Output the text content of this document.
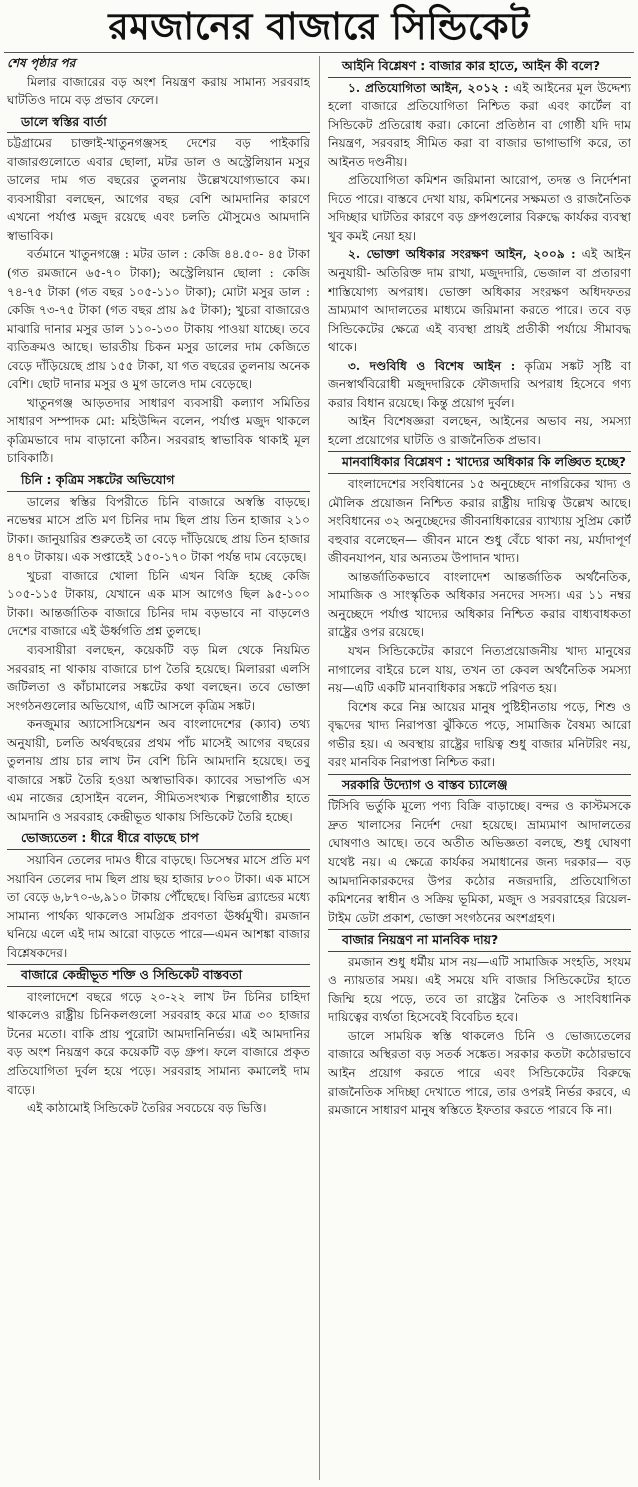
রমজানের বাজারে সিন্ডিকেট

শেষ পৃষ্ঠার পর

মিলার বাজারের বড় অংশ নিয়ন্ত্রণ করায় সামান্য সরবরাহ ঘাটতিও দামে বড় প্রভাব ফেলে।

ডালে স্বস্তির বার্তা

চট্টগ্রামের চাক্তাই-খাতুনগঞ্জসহ দেশের বড় পাইকারি বাজারগুলোতে এবার ছোলা, মটর ডাল ও অস্ট্রেলিয়ান মসুর ডালের দাম গত বছরের তুলনায় উল্লেখযোগ্যভাবে কম। ব্যবসায়ীরা বলছেন, আগের বছর বেশি আমদানির কারণে এখনো পর্যাপ্ত মজুদ রয়েছে এবং চলতি মৌসুমেও আমদানি স্বাভাবিক।

বর্তমানে খাতুনগঞ্জে : মটর ডাল : কেজি ৪৪.৫০- ৪৫ টাকা (গত রমজানে ৬৫-৭০ টাকা); অস্ট্রেলিয়ান ছোলা : কেজি ৭৪-৭৫ টাকা (গত বছর ১০৫-১১০ টাকা); মোটা মসুর ডাল : কেজি ৭৩-৭৫ টাকা (গত বছর প্রায় ৯৫ টাকা); খুচরা বাজারেও মাঝারি দানার মসুর ডাল ১১০-১৩০ টাকায় পাওয়া যাচ্ছে। তবে ব্যতিক্রমও আছে। ভারতীয় চিকন মসুর ডালের দাম কেজিতে বেড়ে দাঁড়িয়েছে প্রায় ১৫৫ টাকা, যা গত বছরের তুলনায় অনেক বেশি। ছোট দানার মসুর ও মুগ ডালেও দাম বেড়েছে।

খাতুনগঞ্জ আড়তদার সাধারণ ব্যবসায়ী কল্যাণ সমিতির সাধারণ সম্পাদক মো: মহিউদ্দিন বলেন, পর্যাপ্ত মজুদ থাকলে কৃত্রিমভাবে দাম বাড়ানো কঠিন। সরবরাহ স্বাভাবিক থাকাই মূল চাবিকাঠি।

চিনি : কৃত্রিম সঙ্কটের অভিযোগ

ডালের স্বস্তির বিপরীতে চিনি বাজারে অস্বস্তি বাড়ছে। নভেম্বর মাসে প্রতি মণ চিনির দাম ছিল প্রায় তিন হাজার ২১০ টাকা। জানুয়ারির শুরুতেই তা বেড়ে দাঁড়িয়েছে প্রায় তিন হাজার ৪৭০ টাকায়। এক সপ্তাহেই ১৫০-১৭০ টাকা পর্যন্ত দাম বেড়েছে।

খুচরা বাজারে খোলা চিনি এখন বিক্রি হচ্ছে কেজি ১০৫-১১৫ টাকায়, যেখানে এক মাস আগেও ছিল ৯৫-১০০ টাকা। আন্তর্জাতিক বাজারে চিনির দাম বড়ভাবে না বাড়লেও দেশের বাজারে এই ঊর্ধ্বগতি প্রশ্ন তুলছে।

ব্যবসায়ীরা বলছেন, কয়েকটি বড় মিল থেকে নিয়মিত সরবরাহ না থাকায় বাজারে চাপ তৈরি হয়েছে। মিলাররা এলসি জটিলতা ও কাঁচামালের সঙ্কটের কথা বলছেন। তবে ভোক্তা সংগঠনগুলোর অভিযোগ, এটি আসলে কৃত্রিম সঙ্কট।

কনজুমার অ্যাসোসিয়েশন অব বাংলাদেশের (ক্যাব) তথ্য অনুযায়ী, চলতি অর্থবছরের প্রথম পাঁচ মাসেই আগের বছরের তুলনায় প্রায় চার লাখ টন বেশি চিনি আমদানি হয়েছে। তবু বাজারে সঙ্কট তৈরি হওয়া অস্বাভাবিক। ক্যাবের সভাপতি এস এম নাজের হোসাইন বলেন, সীমিতসংখ্যক শিল্পগোষ্ঠীর হাতে আমদানি ও সরবরাহ কেন্দ্রীভূত থাকায় সিন্ডিকেট তৈরি হচ্ছে।

ভোজ্যতেল : ধীরে ধীরে বাড়ছে চাপ

সয়াবিন তেলের দামও ধীরে বাড়ছে। ডিসেম্বর মাসে প্রতি মণ সয়াবিন তেলের দাম ছিল প্রায় ছয় হাজার ৮০০ টাকা। এক মাসে তা বেড়ে ৬,৮৭০-৬,৯১০ টাকায় পৌঁছেছে। বিভিন্ন ব্র্যান্ডের মধ্যে সামান্য পার্থক্য থাকলেও সামগ্রিক প্রবণতা ঊর্ধ্বমুখী। রমজান ঘনিয়ে এলে এই দাম আরো বাড়তে পারে—এমন আশঙ্কা বাজার বিশ্লেষকদের।

বাজারে কেন্দ্রীভূত শক্তি ও সিন্ডিকেট বাস্তবতা

বাংলাদেশে বছরে গড়ে ২০-২২ লাখ টন চিনির চাহিদা থাকলেও রাষ্ট্রীয় চিনিকলগুলো সরবরাহ করে মাত্র ৩০ হাজার টনের মতো। বাকি প্রায় পুরোটা আমদানিনির্ভর। এই আমদানির বড় অংশ নিয়ন্ত্রণ করে কয়েকটি বড় গ্রুপ। ফলে বাজারে প্রকৃত প্রতিযোগিতা দুর্বল হয়ে পড়ে। সরবরাহ সামান্য কমালেই দাম বাড়ে।

এই কাঠামোই সিন্ডিকেট তৈরির সবচেয়ে বড় ভিত্তি।

আইনি বিশ্লেষণ : বাজার কার হাতে, আইন কী বলে?

১. প্রতিযোগিতা আইন, ২০১২ : এই আইনের মূল উদ্দেশ্য হলো বাজারে প্রতিযোগিতা নিশ্চিত করা এবং কার্টেল বা সিন্ডিকেট প্রতিরোধ করা। কোনো প্রতিষ্ঠান বা গোষ্ঠী যদি দাম নিয়ন্ত্রণ, সরবরাহ সীমিত করা বা বাজার ভাগাভাগি করে, তা আইনত দণ্ডনীয়।

প্রতিযোগিতা কমিশন জরিমানা আরোপ, তদন্ত ও নির্দেশনা দিতে পারে। বাস্তবে দেখা যায়, কমিশনের সক্ষমতা ও রাজনৈতিক সদিচ্ছার ঘাটতির কারণে বড় গ্রুপগুলোর বিরুদ্ধে কার্যকর ব্যবস্থা খুব কমই নেয়া হয়।

২. ভোক্তা অধিকার সংরক্ষণ আইন, ২০০৯ : এই আইন অনুযায়ী- অতিরিক্ত দাম রাখা, মজুদদারি, ভেজাল বা প্রতারণা শাস্তিযোগ্য অপরাধ। ভোক্তা অধিকার সংরক্ষণ অধিদফতর ভ্রাম্যমাণ আদালতের মাধ্যমে জরিমানা করতে পারে। তবে বড় সিন্ডিকেটের ক্ষেত্রে এই ব্যবস্থা প্রায়ই প্রতীকী পর্যায়ে সীমাবদ্ধ থাকে।

৩. দণ্ডবিধি ও বিশেষ আইন : কৃত্রিম সঙ্কট সৃষ্টি বা জনস্বার্থবিরোধী মজুদদারিকে ফৌজদারি অপরাধ হিসেবে গণ্য করার বিধান রয়েছে। কিন্তু প্রয়োগ দুর্বল।

আইন বিশেষজ্ঞরা বলছেন, আইনের অভাব নয়, সমস্যা হলো প্রয়োগের ঘাটতি ও রাজনৈতিক প্রভাব।

মানবাধিকার বিশ্লেষণ : খাদ্যের অধিকার কি লঙ্ঘিত হচ্ছে?

বাংলাদেশের সংবিধানের ১৫ অনুচ্ছেদে নাগরিকের খাদ্য ও মৌলিক প্রয়োজন নিশ্চিত করার রাষ্ট্রীয় দায়িত্ব উল্লেখ আছে। সংবিধানের ৩২ অনুচ্ছেদের জীবনাধিকারের ব্যাখ্যায় সুপ্রিম কোর্ট বহুবার বলেছেন— জীবন মানে শুধু বেঁচে থাকা নয়, মর্যাদাপূর্ণ জীবনযাপন, যার অন্যতম উপাদান খাদ্য।

আন্তর্জাতিকভাবে বাংলাদেশ আন্তর্জাতিক অর্থনৈতিক, সামাজিক ও সাংস্কৃতিক অধিকার সনদের সদস্য। এর ১১ নম্বর অনুচ্ছেদে পর্যাপ্ত খাদ্যের অধিকার নিশ্চিত করার বাধ্যবাধকতা রাষ্ট্রের ওপর রয়েছে।

যখন সিন্ডিকেটের কারণে নিত্যপ্রয়োজনীয় খাদ্য মানুষের নাগালের বাইরে চলে যায়, তখন তা কেবল অর্থনৈতিক সমস্যা নয়—এটি একটি মানবাধিকার সঙ্কটে পরিণত হয়।

বিশেষ করে নিম্ন আয়ের মানুষ পুষ্টিহীনতায় পড়ে, শিশু ও বৃদ্ধদের খাদ্য নিরাপত্তা ঝুঁকিতে পড়ে, সামাজিক বৈষম্য আরো গভীর হয়। এ অবস্থায় রাষ্ট্রের দায়িত্ব শুধু বাজার মনিটরিং নয়, বরং মানবিক নিরাপত্তা নিশ্চিত করা।

সরকারি উদ্যোগ ও বাস্তব চ্যালেঞ্জ

টিসিবি ভর্তুকি মূল্যে পণ্য বিক্রি বাড়াচ্ছে। বন্দর ও কাস্টমসকে দ্রুত খালাসের নির্দেশ দেয়া হয়েছে। ভ্রাম্যমাণ আদালতের ঘোষণাও আছে। তবে অতীত অভিজ্ঞতা বলছে, শুধু ঘোষণা যথেষ্ট নয়। এ ক্ষেত্রে কার্যকর সমাধানের জন্য দরকার— বড় আমদানিকারকদের উপর কঠোর নজরদারি, প্রতিযোগিতা কমিশনের স্বাধীন ও সক্রিয় ভূমিকা, মজুদ ও সরবরাহের রিয়েল-টাইম ডেটা প্রকাশ, ভোক্তা সংগঠনের অংশগ্রহণ।

বাজার নিয়ন্ত্রণ না মানবিক দায়?

রমজান শুধু ধর্মীয় মাস নয়—এটি সামাজিক সংহতি, সংযম ও ন্যায়তার সময়। এই সময়ে যদি বাজার সিন্ডিকেটের হাতে জিম্মি হয়ে পড়ে, তবে তা রাষ্ট্রের নৈতিক ও সাংবিধানিক দায়িত্বের ব্যর্থতা হিসেবেই বিবেচিত হবে।

ডালে সাময়িক স্বস্তি থাকলেও চিনি ও ভোজ্যতেলের বাজারে অস্থিরতা বড় সতর্ক সঙ্কেত। সরকার কতটা কঠোরভাবে আইন প্রয়োগ করতে পারে এবং সিন্ডিকেটের বিরুদ্ধে রাজনৈতিক সদিচ্ছা দেখাতে পারে, তার ওপরই নির্ভর করবে, এ রমজানে সাধারণ মানুষ স্বস্তিতে ইফতার করতে পারবে কি না।
